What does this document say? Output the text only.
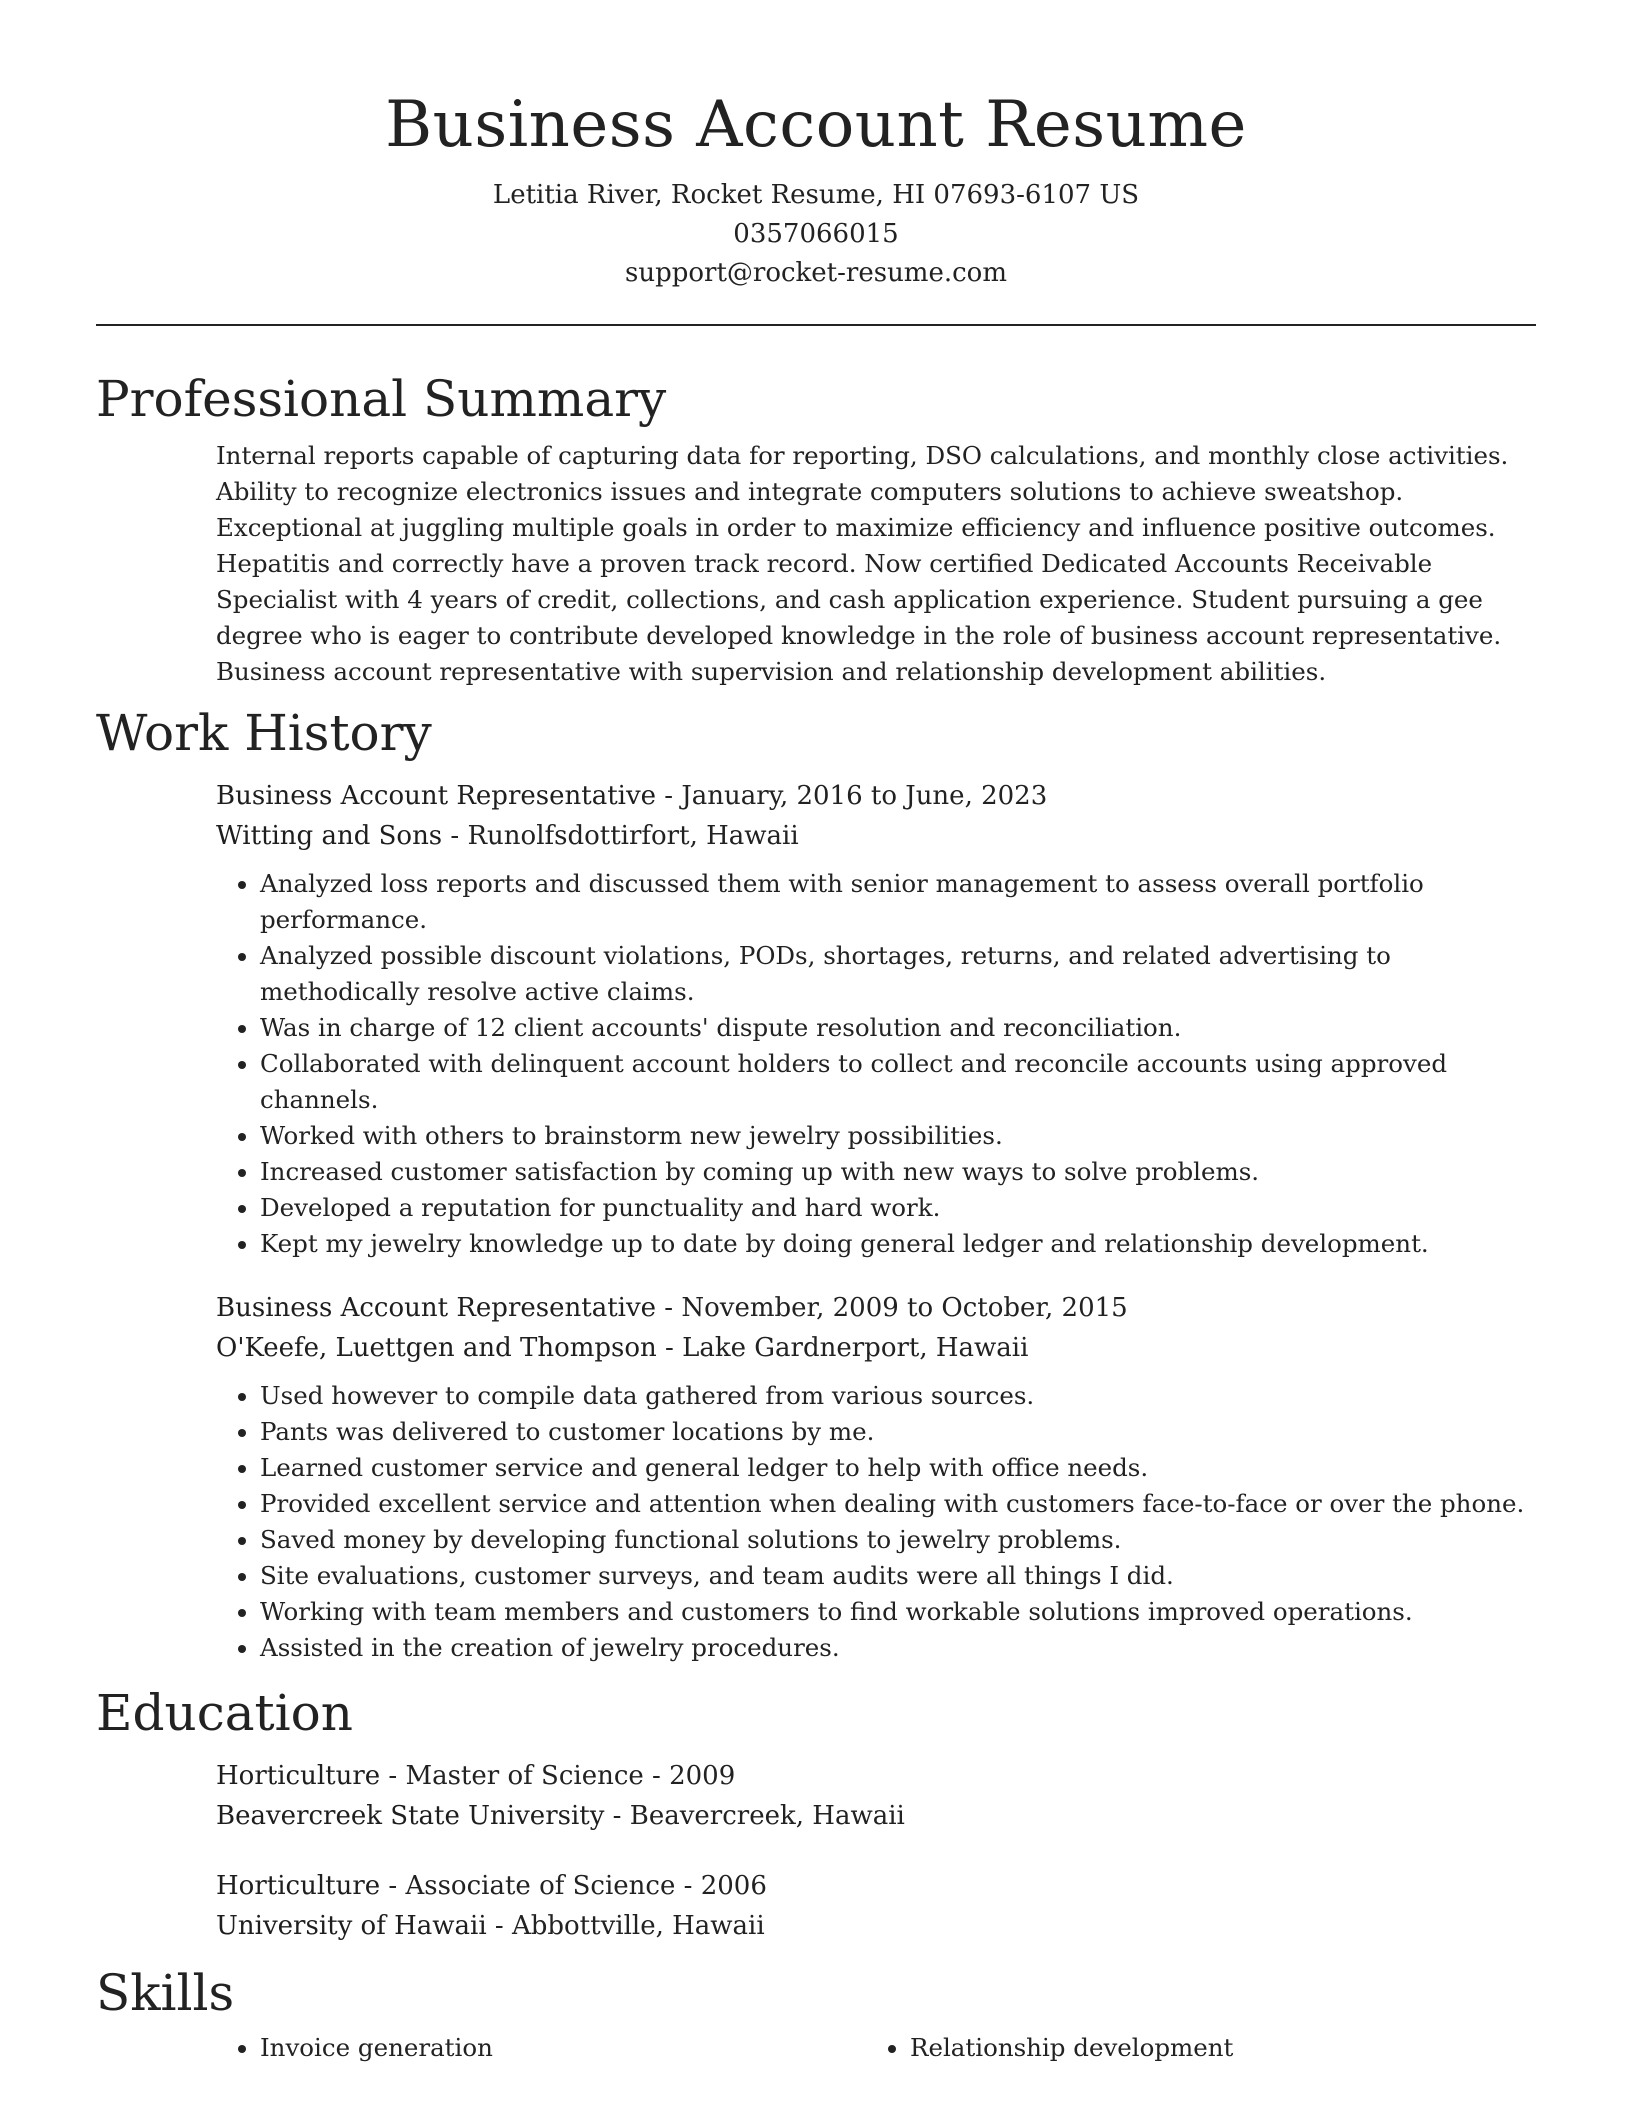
Business Account Resume
Letitia River, Rocket Resume, HI 07693-6107 US
0357066015
support@rocket-resume.com
Professional Summary

Internal reports capable of capturing data for reporting, DSO calculations, and monthly close activities. Ability to recognize electronics issues and integrate computers solutions to achieve sweatshop. Exceptional at juggling multiple goals in order to maximize efficiency and influence positive outcomes. Hepatitis and correctly have a proven track record. Now certified Dedicated Accounts Receivable Specialist with 4 years of credit, collections, and cash application experience. Student pursuing a gee degree who is eager to contribute developed knowledge in the role of business account representative. Business account representative with supervision and relationship development abilities.

Work History
Business Account Representative - January, 2016 to June, 2023
Witting and Sons - Runolfsdottirfort, Hawaii
• Analyzed loss reports and discussed them with senior management to assess overall portfolio performance.
• Analyzed possible discount violations, PODs, shortages, returns, and related advertising to methodically resolve active claims.
• Was in charge of 12 client accounts' dispute resolution and reconciliation.
• Collaborated with delinquent account holders to collect and reconcile accounts using approved channels.
• Worked with others to brainstorm new jewelry possibilities.
• Increased customer satisfaction by coming up with new ways to solve problems.
• Developed a reputation for punctuality and hard work.
• Kept my jewelry knowledge up to date by doing general ledger and relationship development.
Business Account Representative - November, 2009 to October, 2015
O'Keefe, Luettgen and Thompson - Lake Gardnerport, Hawaii
• Used however to compile data gathered from various sources.
• Pants was delivered to customer locations by me.
• Learned customer service and general ledger to help with office needs.
• Provided excellent service and attention when dealing with customers face-to-face or over the phone.
• Saved money by developing functional solutions to jewelry problems.
• Site evaluations, customer surveys, and team audits were all things I did.
• Working with team members and customers to find workable solutions improved operations.
• Assisted in the creation of jewelry procedures.
Education
Horticulture - Master of Science - 2009
Beavercreek State University - Beavercreek, Hawaii
Horticulture - Associate of Science - 2006
University of Hawaii - Abbottville, Hawaii
Skills
• Invoice generation
•	Relationship development
